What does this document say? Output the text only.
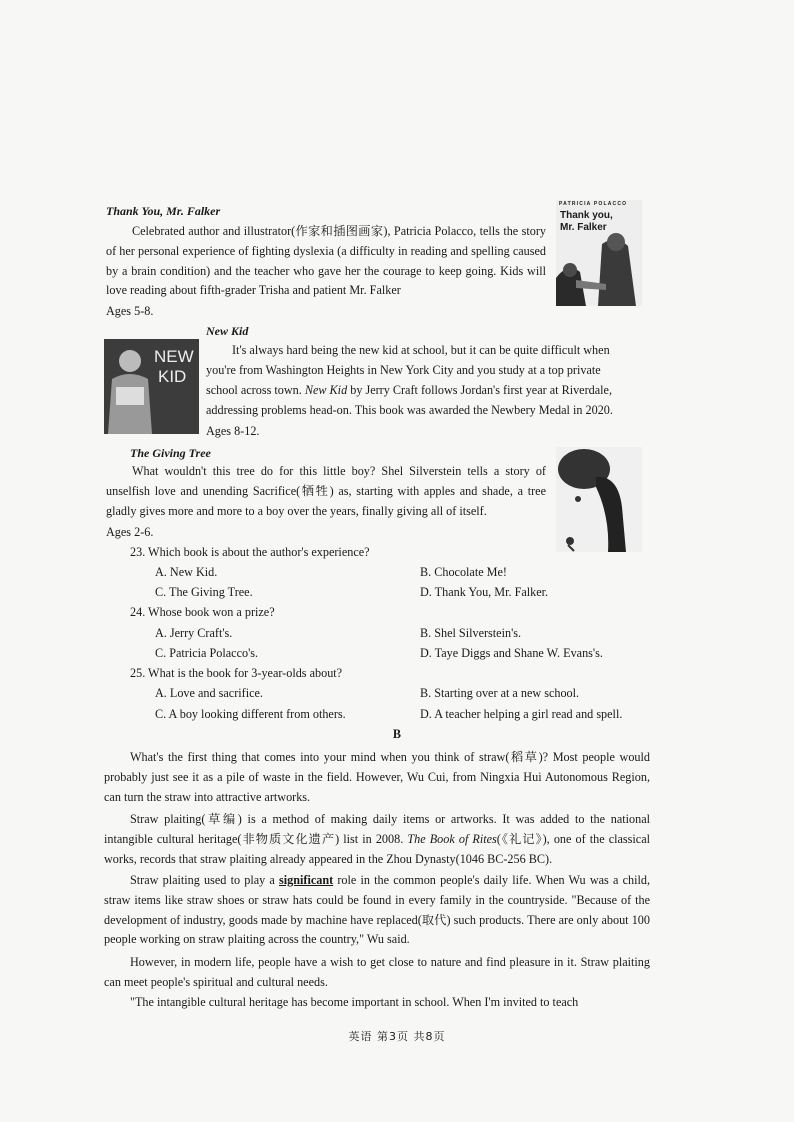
Thank You, Mr. Falker

Celebrated author and illustrator(作家和插图画家), Patricia Polacco, tells the story of her personal experience of fighting dyslexia (a difficulty in reading and spelling caused by a brain condition) and the teacher who gave her the courage to keep going. Kids will love reading about fifth-grader Trisha and patient Mr. Falker

Ages 5-8.

PATRICIA POLACCO
Thank you,
Mr. Falker

New Kid

NEW
KID

It's always hard being the new kid at school, but it can be quite difficult when

you're from Washington Heights in New York City and you study at a top private

school across town. New Kid by Jerry Craft follows Jordan's first year at Riverdale,

addressing problems head-on. This book was awarded the Newbery Medal in 2020.

Ages 8-12.

The Giving Tree

What wouldn't this tree do for this little boy? Shel Silverstein tells a story of unselfish love and unending Sacrifice(牺牲) as, starting with apples and shade, a tree gladly gives more and more to a boy over the years, finally giving all of itself.

Ages 2-6.

23. Which book is about the author's experience?

A. New Kid.	B. Chocolate Me!

C. The Giving Tree.	D. Thank You, Mr. Falker.

24. Whose book won a prize?

A. Jerry Craft's.	B. Shel Silverstein's.

C. Patricia Polacco's.	D. Taye Diggs and Shane W. Evans's.

25. What is the book for 3-year-olds about?

A. Love and sacrifice.	B. Starting over at a new school.

C. A boy looking different from others.	D. A teacher helping a girl read and spell.

B

What's the first thing that comes into your mind when you think of straw(稻草)? Most people would probably just see it as a pile of waste in the field. However, Wu Cui, from Ningxia Hui Autonomous Region, can turn the straw into attractive artworks.

Straw plaiting(草编) is a method of making daily items or artworks. It was added to the national intangible cultural heritage(非物质文化遗产) list in 2008. The Book of Rites(《礼记》), one of the classical works, records that straw plaiting already appeared in the Zhou Dynasty(1046 BC-256 BC).

Straw plaiting used to play a significant role in the common people's daily life. When Wu was a child, straw items like straw shoes or straw hats could be found in every family in the countryside. "Because of the development of industry, goods made by machine have replaced(取代) such products. There are only about 100 people working on straw plaiting across the country," Wu said.

However, in modern life, people have a wish to get close to nature and find pleasure in it. Straw plaiting can meet people's spiritual and cultural needs.

"The intangible cultural heritage has become important in school. When I'm invited to teach

英语 第3页 共8页
